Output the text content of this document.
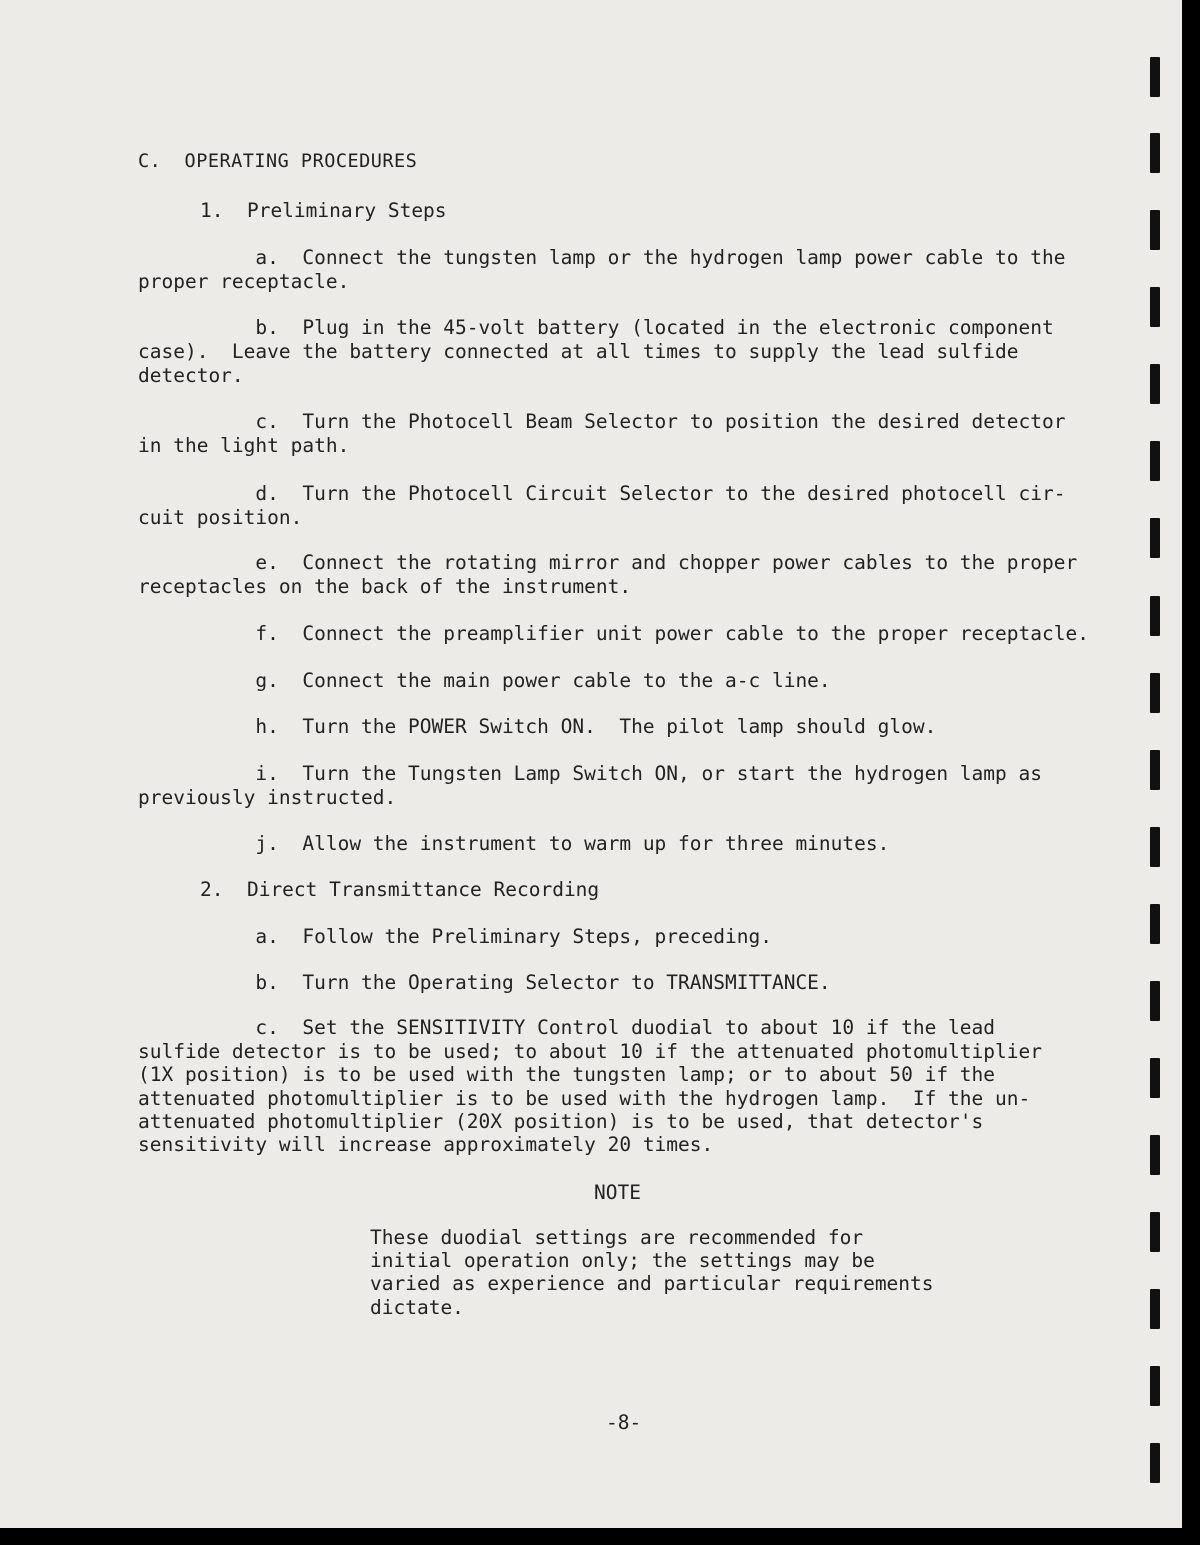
C.  OPERATING PROCEDURES
1.  Preliminary Steps
a.  Connect the tungsten lamp or the hydrogen lamp power cable to the
proper receptacle.
b.  Plug in the 45-volt battery (located in the electronic component
case).  Leave the battery connected at all times to supply the lead sulfide
detector.
c.  Turn the Photocell Beam Selector to position the desired detector
in the light path.
d.  Turn the Photocell Circuit Selector to the desired photocell cir-
cuit position.
e.  Connect the rotating mirror and chopper power cables to the proper
receptacles on the back of the instrument.
f.  Connect the preamplifier unit power cable to the proper receptacle.
g.  Connect the main power cable to the a-c line.
h.  Turn the POWER Switch ON.  The pilot lamp should glow.
i.  Turn the Tungsten Lamp Switch ON, or start the hydrogen lamp as
previously instructed.
j.  Allow the instrument to warm up for three minutes.
2.  Direct Transmittance Recording
a.  Follow the Preliminary Steps, preceding.
b.  Turn the Operating Selector to TRANSMITTANCE.
c.  Set the SENSITIVITY Control duodial to about 10 if the lead
sulfide detector is to be used; to about 10 if the attenuated photomultiplier
(1X position) is to be used with the tungsten lamp; or to about 50 if the
attenuated photomultiplier is to be used with the hydrogen lamp.  If the un-
attenuated photomultiplier (20X position) is to be used, that detector's
sensitivity will increase approximately 20 times.
NOTE
These duodial settings are recommended for
initial operation only; the settings may be
varied as experience and particular requirements
dictate.
-8-
